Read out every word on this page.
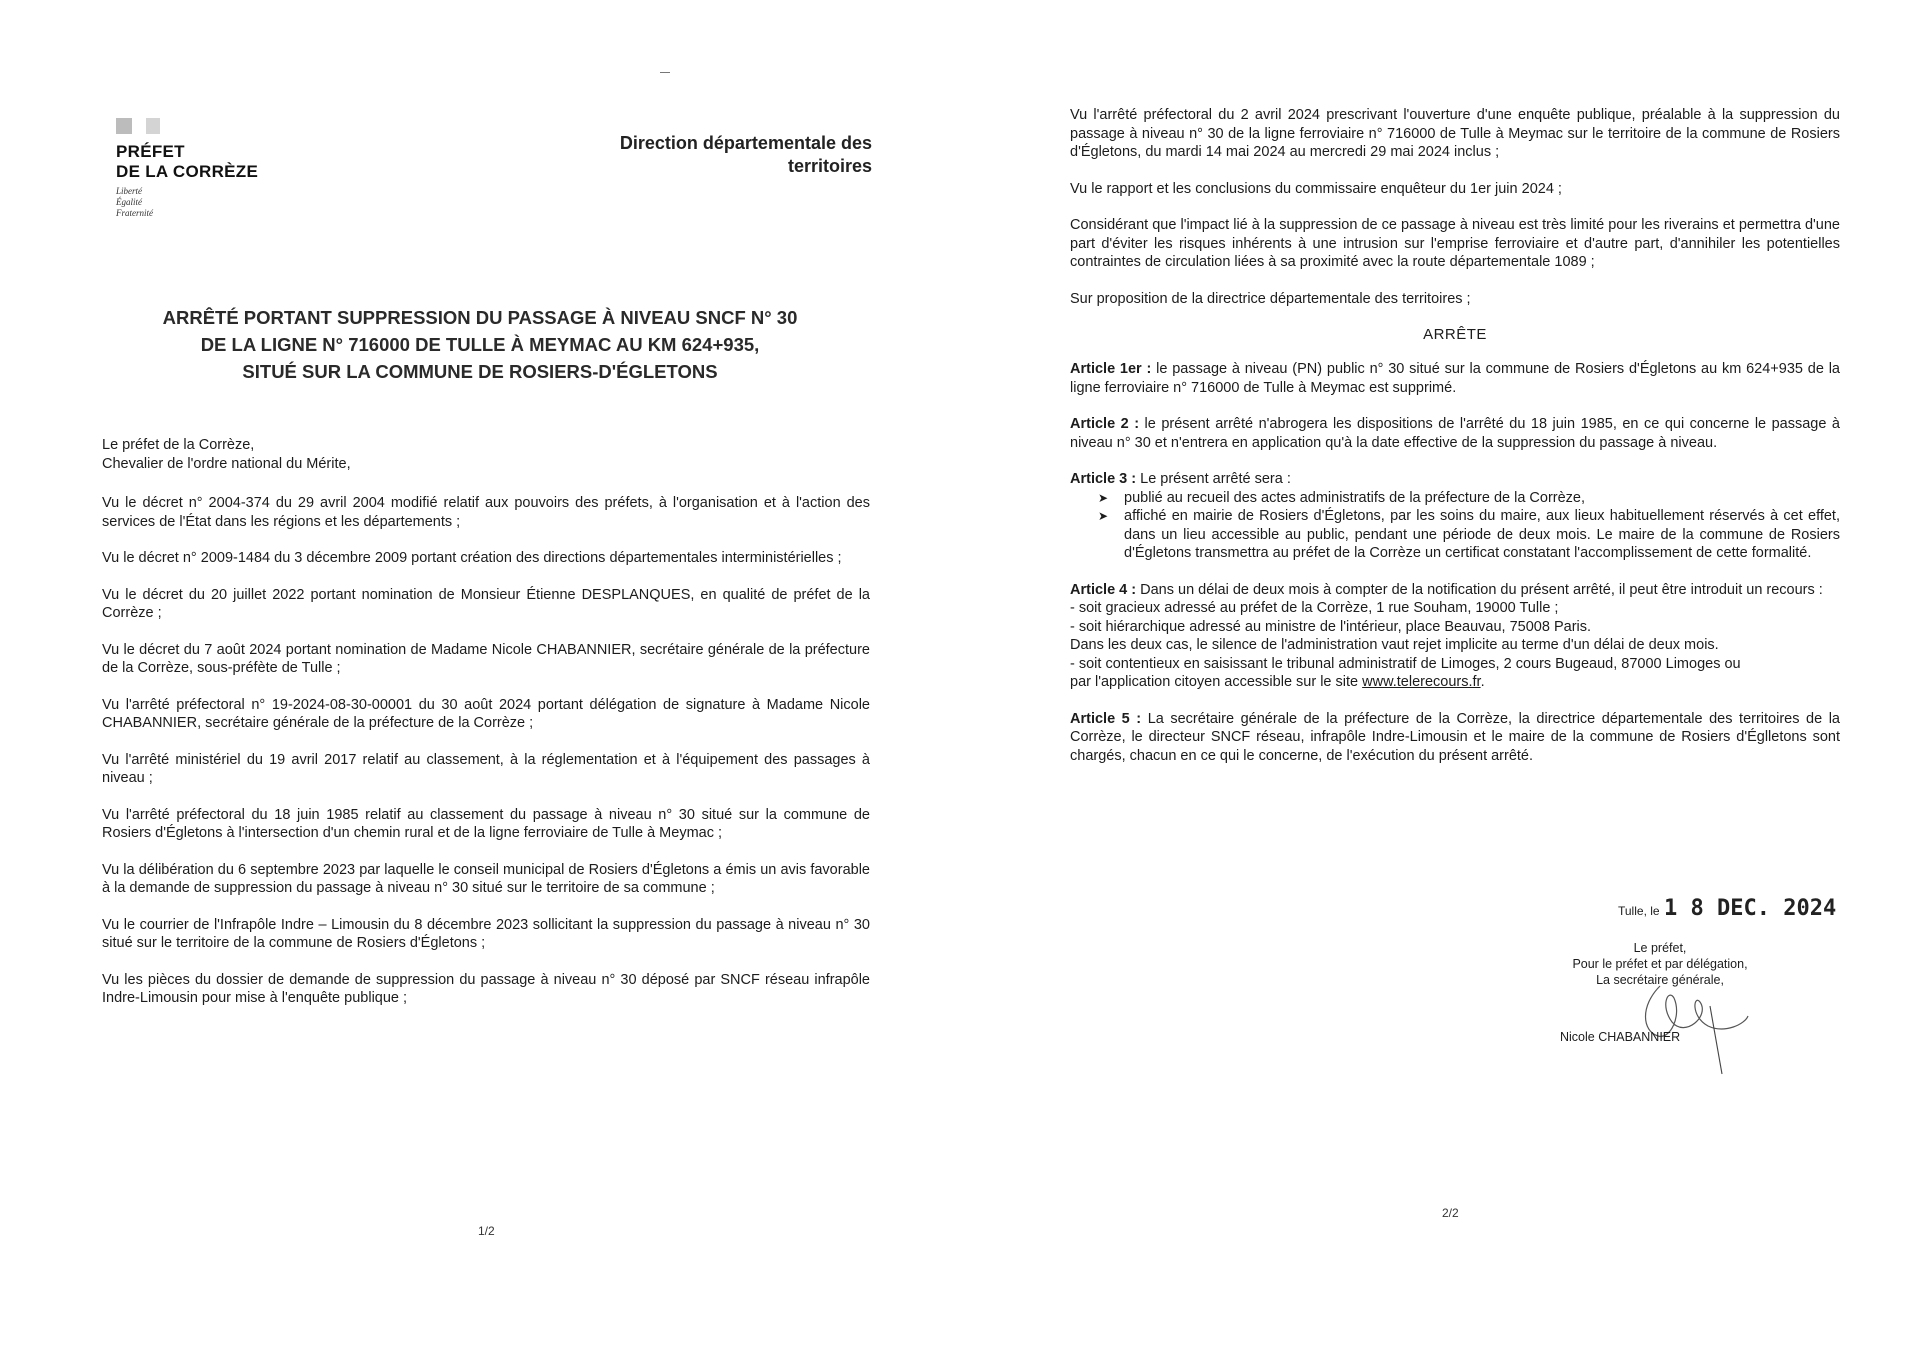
PRÉFET
DE LA CORRÈZE
Liberté
Égalité
Fraternité
Direction départementale des territoires
ARRÊTÉ PORTANT SUPPRESSION DU PASSAGE À NIVEAU SNCF N° 30
DE LA LIGNE N° 716000 DE TULLE À MEYMAC AU KM 624+935,
SITUÉ SUR LA COMMUNE DE ROSIERS-D'ÉGLETONS
Le préfet de la Corrèze,
Chevalier de l'ordre national du Mérite,

Vu le décret n° 2004-374 du 29 avril 2004 modifié relatif aux pouvoirs des préfets, à l'organisation et à l'action des services de l'État dans les régions et les départements ;

Vu le décret n° 2009-1484 du 3 décembre 2009 portant création des directions départementales interministérielles ;

Vu le décret du 20 juillet 2022 portant nomination de Monsieur Étienne DESPLANQUES, en qualité de préfet de la Corrèze ;

Vu le décret du 7 août 2024 portant nomination de Madame Nicole CHABANNIER, secrétaire générale de la préfecture de la Corrèze, sous-préfète de Tulle ;

Vu l'arrêté préfectoral n° 19-2024-08-30-00001 du 30 août 2024 portant délégation de signature à Madame Nicole CHABANNIER, secrétaire générale de la préfecture de la Corrèze ;

Vu l'arrêté ministériel du 19 avril 2017 relatif au classement, à la réglementation et à l'équipement des passages à niveau ;

Vu l'arrêté préfectoral du 18 juin 1985 relatif au classement du passage à niveau n° 30 situé sur la commune de Rosiers d'Égletons à l'intersection d'un chemin rural et de la ligne ferroviaire de Tulle à Meymac ;

Vu la délibération du 6 septembre 2023 par laquelle le conseil municipal de Rosiers d'Égletons a émis un avis favorable à la demande de suppression du passage à niveau n° 30 situé sur le territoire de sa commune ;

Vu le courrier de l'Infrapôle Indre – Limousin du 8 décembre 2023 sollicitant la suppression du passage à niveau n° 30 situé sur le territoire de la commune de Rosiers d'Égletons ;

Vu les pièces du dossier de demande de suppression du passage à niveau n° 30 déposé par SNCF réseau infrapôle Indre-Limousin pour mise à l'enquête publique ;

1/2

Vu l'arrêté préfectoral du 2 avril 2024 prescrivant l'ouverture d'une enquête publique, préalable à la suppression du passage à niveau n° 30 de la ligne ferroviaire n° 716000 de Tulle à Meymac sur le territoire de la commune de Rosiers d'Égletons, du mardi 14 mai 2024 au mercredi 29 mai 2024 inclus ;

Vu le rapport et les conclusions du commissaire enquêteur du 1er juin 2024 ;

Considérant que l'impact lié à la suppression de ce passage à niveau est très limité pour les riverains et permettra d'une part d'éviter les risques inhérents à une intrusion sur l'emprise ferroviaire et d'autre part, d'annihiler les potentielles contraintes de circulation liées à sa proximité avec la route départementale 1089 ;

Sur proposition de la directrice départementale des territoires ;

ARRÊTE

Article 1er : le passage à niveau (PN) public n° 30 situé sur la commune de Rosiers d'Égletons au km 624+935 de la ligne ferroviaire n° 716000 de Tulle à Meymac est supprimé.

Article 2 : le présent arrêté n'abrogera les dispositions de l'arrêté du 18 juin 1985, en ce qui concerne le passage à niveau n° 30 et n'entrera en application qu'à la date effective de la suppression du passage à niveau.

Article 3 : Le présent arrêté sera :
➤ publié au recueil des actes administratifs de la préfecture de la Corrèze,
➤ affiché en mairie de Rosiers d'Égletons, par les soins du maire, aux lieux habituellement réservés à cet effet, dans un lieu accessible au public, pendant une période de deux mois. Le maire de la commune de Rosiers d'Égletons transmettra au préfet de la Corrèze un certificat constatant l'accomplissement de cette formalité.
Article 4 : Dans un délai de deux mois à compter de la notification du présent arrêté, il peut être introduit un recours :
- soit gracieux adressé au préfet de la Corrèze, 1 rue Souham, 19000 Tulle ;
- soit hiérarchique adressé au ministre de l'intérieur, place Beauvau, 75008 Paris.
Dans les deux cas, le silence de l'administration vaut rejet implicite au terme d'un délai de deux mois.
- soit contentieux en saisissant le tribunal administratif de Limoges, 2 cours Bugeaud, 87000 Limoges ou
par l'application citoyen accessible sur le site www.telerecours.fr.

Article 5 : La secrétaire générale de la préfecture de la Corrèze, la directrice départementale des territoires de la Corrèze, le directeur SNCF réseau, infrapôle Indre-Limousin et le maire de la commune de Rosiers d'Églletons sont chargés, chacun en ce qui le concerne, de l'exécution du présent arrêté.

2/2
Tulle, le 1 8 DEC. 2024
Le préfet,
Pour le préfet et par délégation,
La secrétaire générale,
Nicole CHABANNIER
